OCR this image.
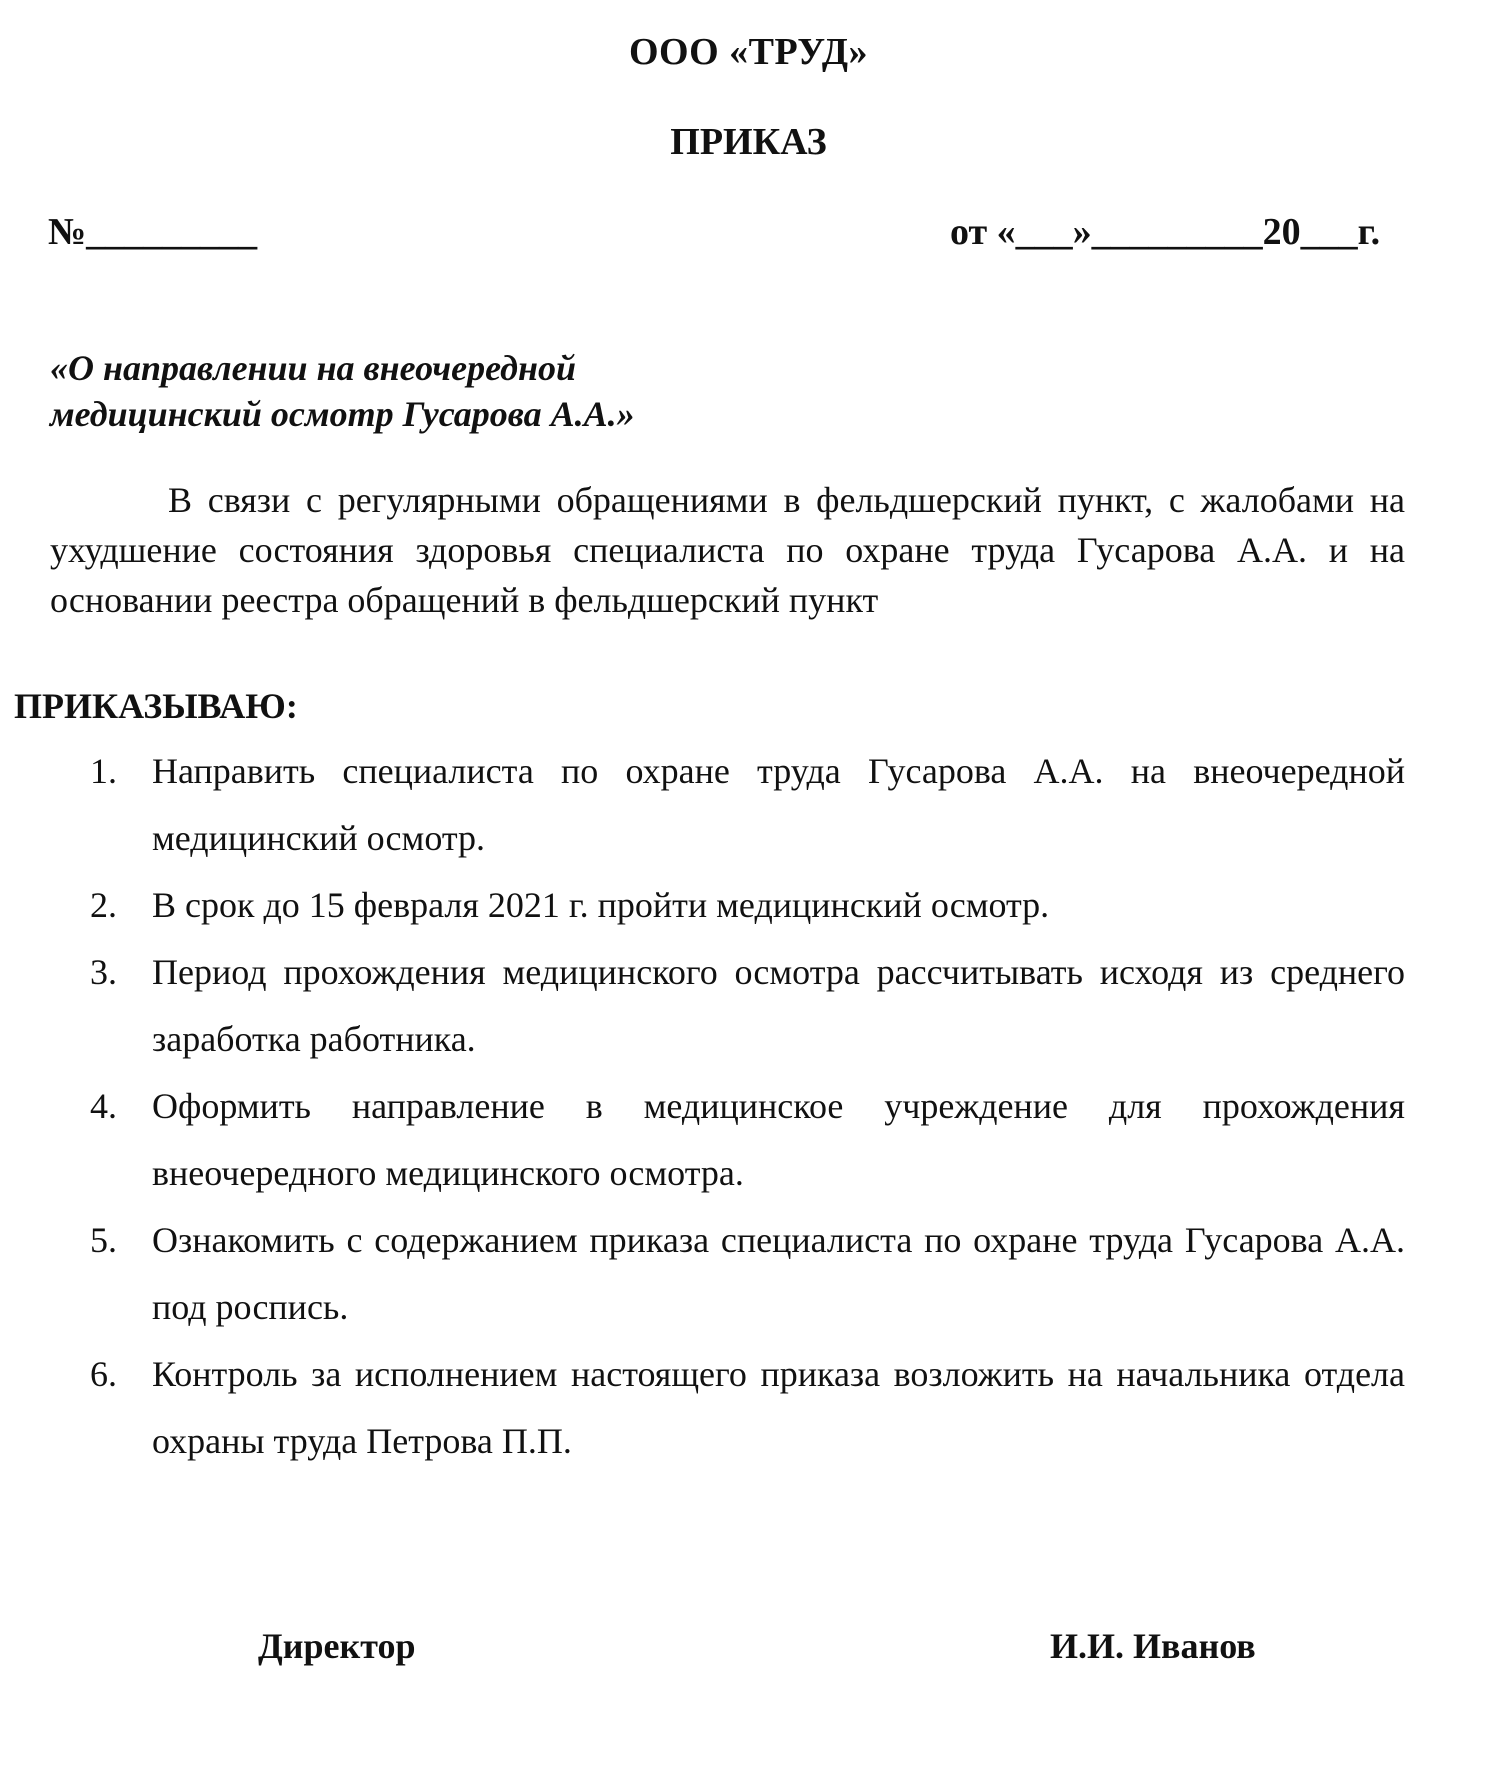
ООО «ТРУД»
ПРИКАЗ
№_________	от «___»_________20___г.
«О направлении на внеочередной
медицинский осмотр Гусарова А.А.»
В связи с регулярными обращениями в фельдшерский пункт, с жалобами на ухудшение состояния здоровья специалиста по охране труда Гусарова А.А. и на основании реестра обращений в фельдшерский пункт
ПРИКАЗЫВАЮ:
1. Направить специалиста по охране труда Гусарова А.А. на внеочередной медицинский осмотр.
2. В срок до 15 февраля 2021 г. пройти медицинский осмотр.
3. Период прохождения медицинского осмотра рассчитывать исходя из среднего заработка работника.
4. Оформить направление в медицинское учреждение для прохождения внеочередного медицинского осмотра.
5. Ознакомить с содержанием приказа специалиста по охране труда Гусарова А.А. под роспись.
6. Контроль за исполнением настоящего приказа возложить на начальника отдела охраны труда Петрова П.П.
Директор	И.И. Иванов
